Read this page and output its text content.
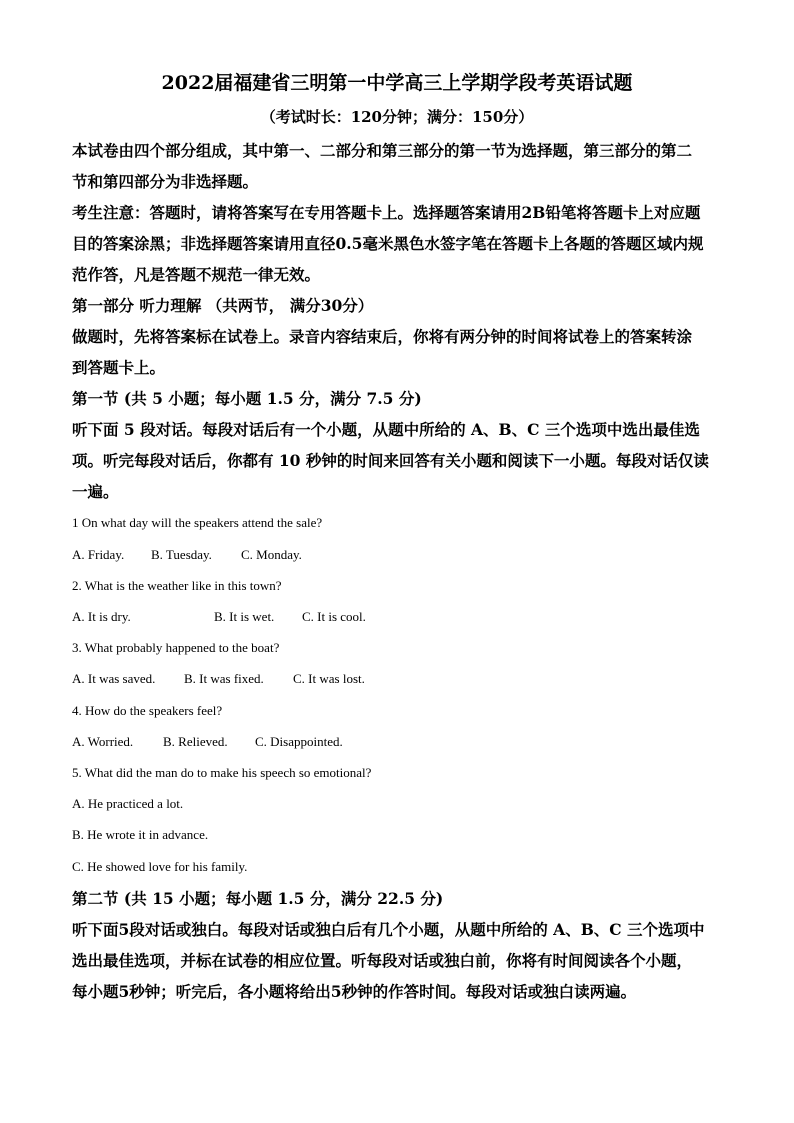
2022届福建省三明第一中学高三上学期学段考英语试题
（考试时长：120分钟；满分：150分）
本试卷由四个部分组成，其中第一、二部分和第三部分的第一节为选择题，第三部分的第二
节和第四部分为非选择题。
考生注意：答题时，请将答案写在专用答题卡上。选择题答案请用2B铅笔将答题卡上对应题
目的答案涂黑；非选择题答案请用直径0.5毫米黑色水签字笔在答题卡上各题的答题区域内规
范作答，凡是答题不规范一律无效。
第一部分 听力理解 （共两节， 满分30分）
做题时，先将答案标在试卷上。录音内容结束后，你将有两分钟的时间将试卷上的答案转涂
到答题卡上。
第一节 (共 5 小题；每小题 1.5 分，满分 7.5 分)
听下面 5 段对话。每段对话后有一个小题，从题中所给的 A、B、C 三个选项中选出最佳选
项。听完每段对话后，你都有 10 秒钟的时间来回答有关小题和阅读下一小题。每段对话仅读
一遍。
1 On what day will the speakers attend the sale?
A. Friday. B. Tuesday. C. Monday.
2. What is the weather like in this town?
A. It is dry.	B. It is wet. C. It is cool.
3. What probably happened to the boat?
A. It was saved. B. It was fixed. C. It was lost.
4. How do the speakers feel?
A. Worried. B. Relieved. C. Disappointed.
5. What did the man do to make his speech so emotional?
A. He practiced a lot.
B. He wrote it in advance.
C. He showed love for his family.
第二节 (共 15 小题；每小题 1.5 分，满分 22.5 分)
听下面5段对话或独白。每段对话或独白后有几个小题，从题中所给的 A、B、C 三个选项中
选出最佳选项，并标在试卷的相应位置。听每段对话或独白前，你将有时间阅读各个小题，
每小题5秒钟；听完后，各小题将给出5秒钟的作答时间。每段对话或独白读两遍。
